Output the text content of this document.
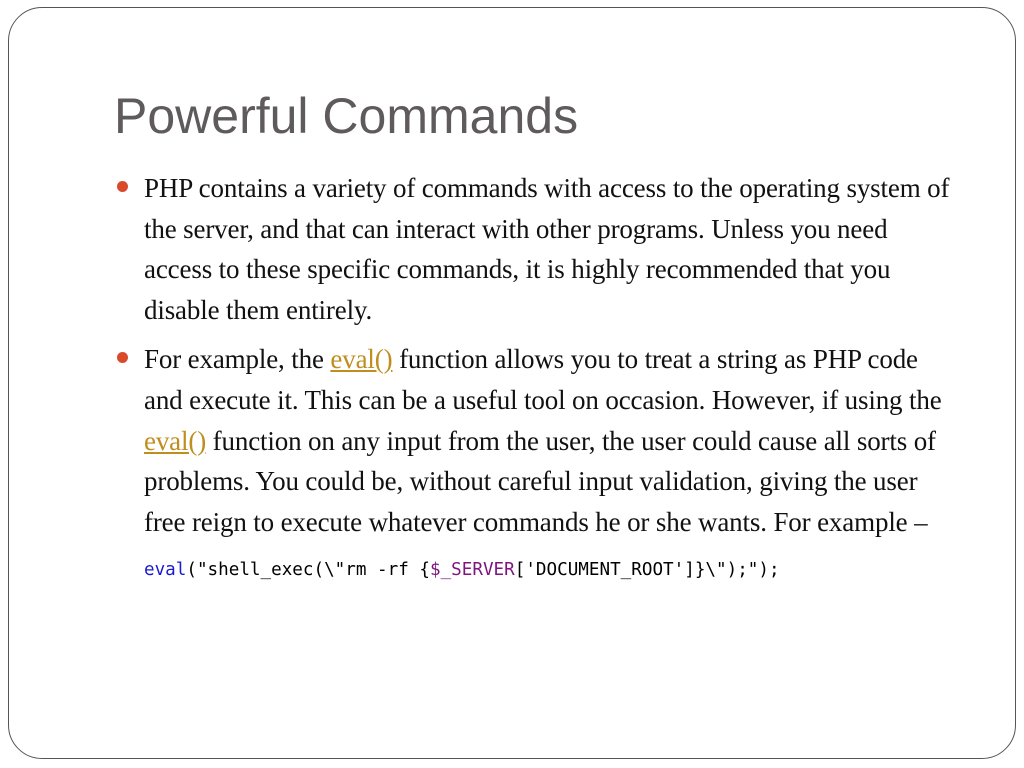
Powerful Commands
PHP contains a variety of commands with access to the operating system of the server, and that can interact with other programs. Unless you need access to these specific commands, it is highly recommended that you disable them entirely.
For example, the eval() function allows you to treat a string as PHP code and execute it. This can be a useful tool on occasion. However, if using the eval() function on any input from the user, the user could cause all sorts of problems. You could be, without careful input validation, giving the user free reign to execute whatever commands he or she wants. For example –
eval("shell_exec(\"rm -rf {$_SERVER['DOCUMENT_ROOT']}\");");
